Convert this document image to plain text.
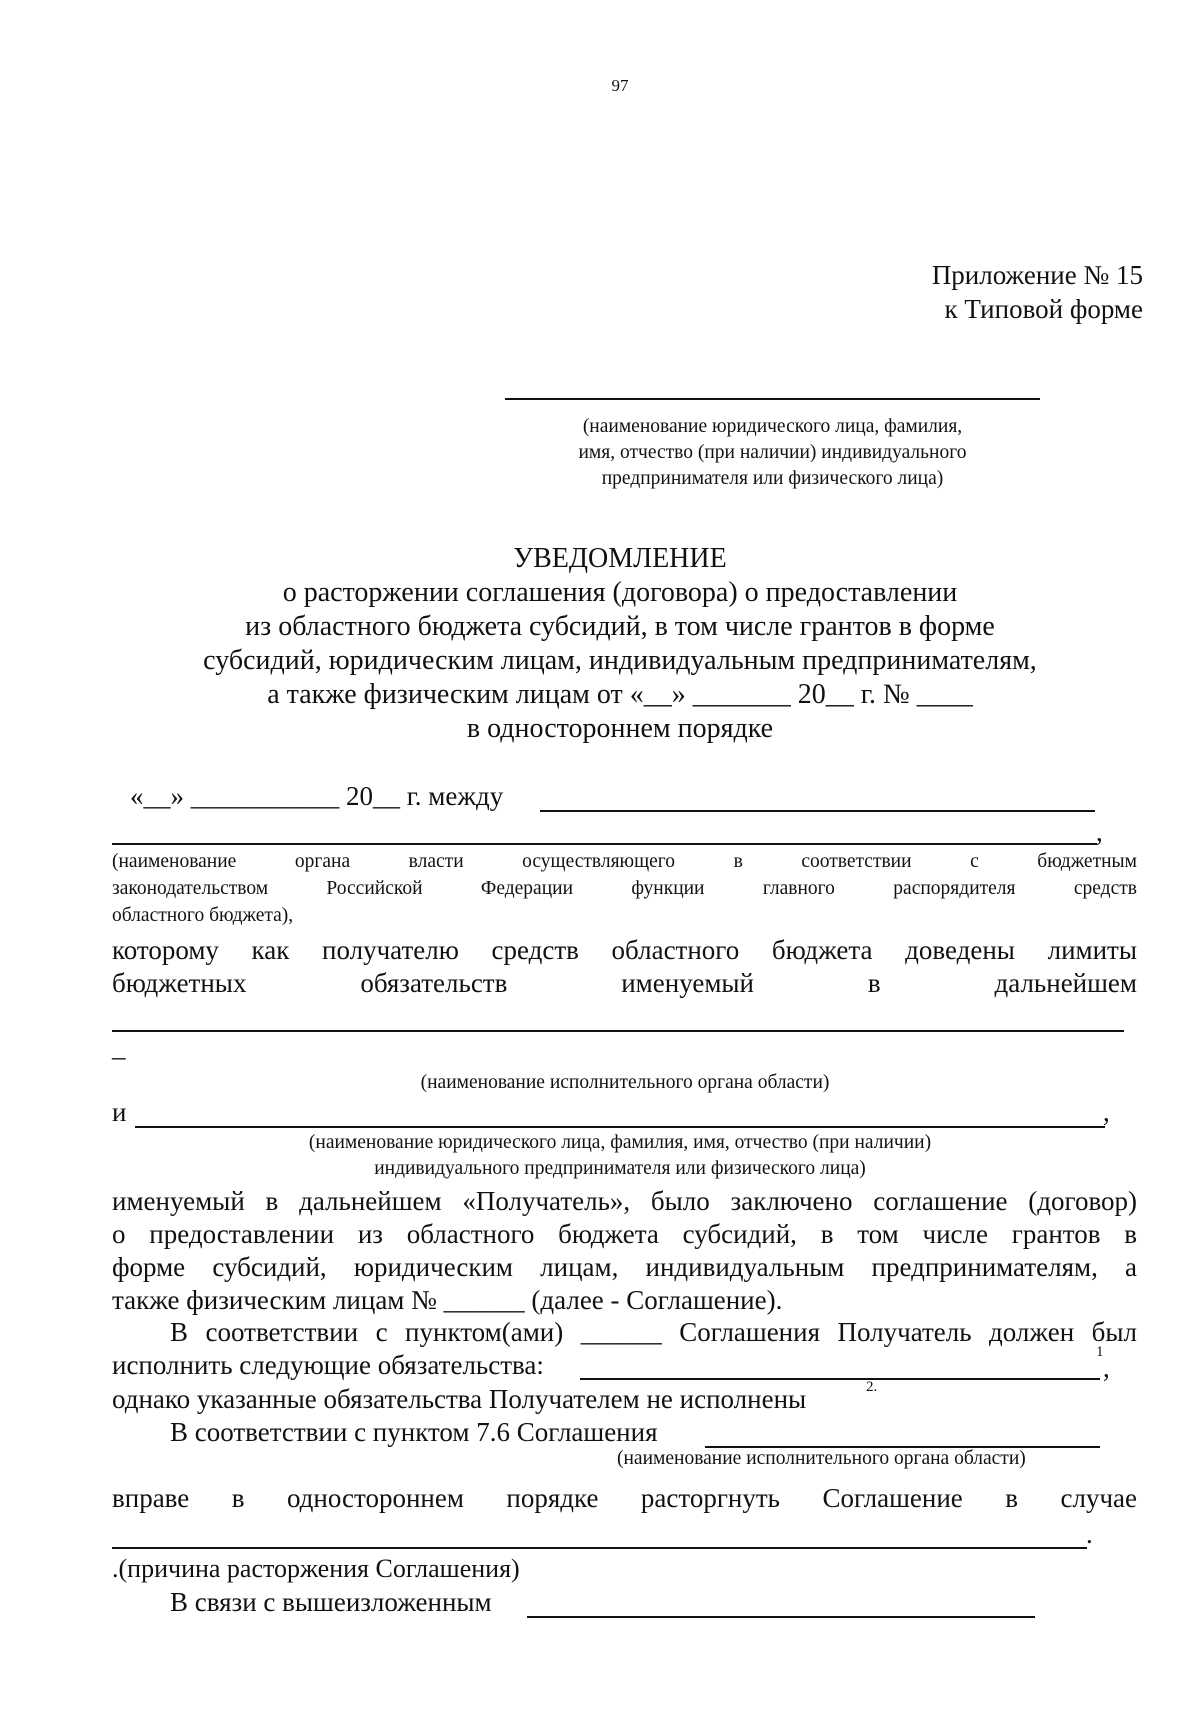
97
Приложение № 15
к Типовой форме
(наименование юридического лица, фамилия,
имя, отчество (при наличии) индивидуального
предпринимателя или физического лица)
УВЕДОМЛЕНИЕ
о расторжении соглашения (договора) о предоставлении
из областного бюджета субсидий, в том числе грантов в форме
субсидий, юридическим лицам, индивидуальным предпринимателям,
а также физическим лицам от «__» _______ 20__ г. № ____
в одностороннем порядке
«__» ___________ 20__ г. между
,
(наименование органа власти осуществляющего в соответствии с бюджетным
законодательством Российской Федерации функции главного распорядителя средств
областного бюджета),
которому как получателю средств областного бюджета доведены лимиты
бюджетных обязательств именуемый в дальнейшем
–
(наименование исполнительного органа области)
и	,
(наименование юридического лица, фамилия, имя, отчество (при наличии)
индивидуального предпринимателя или физического лица)
именуемый в дальнейшем «Получатель», было заключено соглашение (договор)
о предоставлении из областного бюджета субсидий, в том числе грантов в
форме субсидий, юридическим лицам, индивидуальным предпринимателям, а
также физическим лицам № ______ (далее - Соглашение).
В соответствии с пунктом(ами) ______ Соглашения Получатель должен был
исполнить следующие обязательства:	1
,
однако указанные обязательства Получателем не исполнены	2.
В соответствии с пунктом 7.6 Соглашения
(наименование исполнительного органа области)
вправе в одностороннем порядке расторгнуть Соглашение в случае
.
.(причина расторжения Соглашения)
В связи с вышеизложенным
